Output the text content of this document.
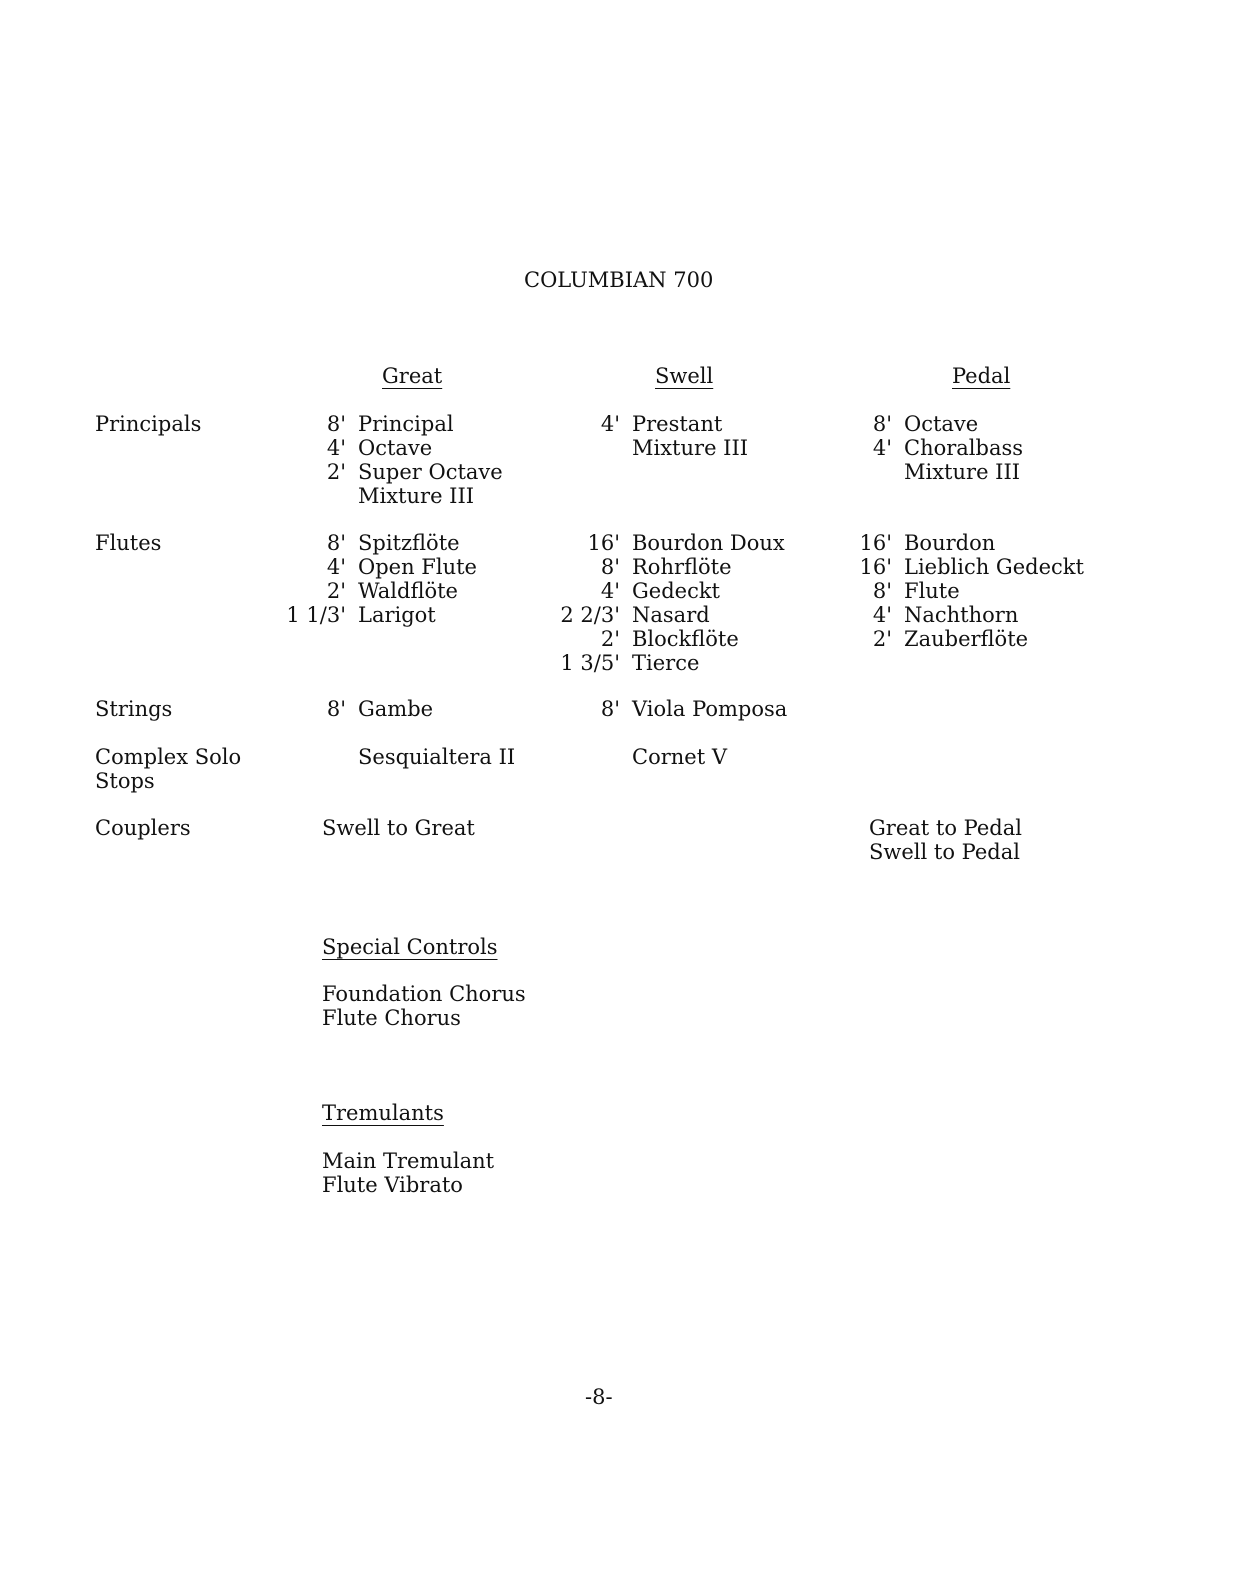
COLUMBIAN 700
Great	Swell	Pedal
Principals
Flutes
Strings
Complex Solo
Stops
Couplers
8' Principal
4' Octave
2' Super Octave
Mixture III
8' Spitzflöte
4' Open Flute
2' Waldflöte
1 1/3' Larigot
8' Gambe
Sesquialtera II
Swell to Great
4' Prestant
Mixture III
16' Bourdon Doux
8' Rohrflöte
4' Gedeckt
2 2/3' Nasard
2' Blockflöte
1 3/5' Tierce
8' Viola Pomposa
Cornet V
8' Octave
4' Choralbass
Mixture III
16' Bourdon
16' Lieblich Gedeckt
8' Flute
4' Nachthorn
2' Zauberflöte
Great to Pedal
Swell to Pedal
Special Controls
Foundation Chorus
Flute Chorus
Tremulants
Main Tremulant
Flute Vibrato
-8-
